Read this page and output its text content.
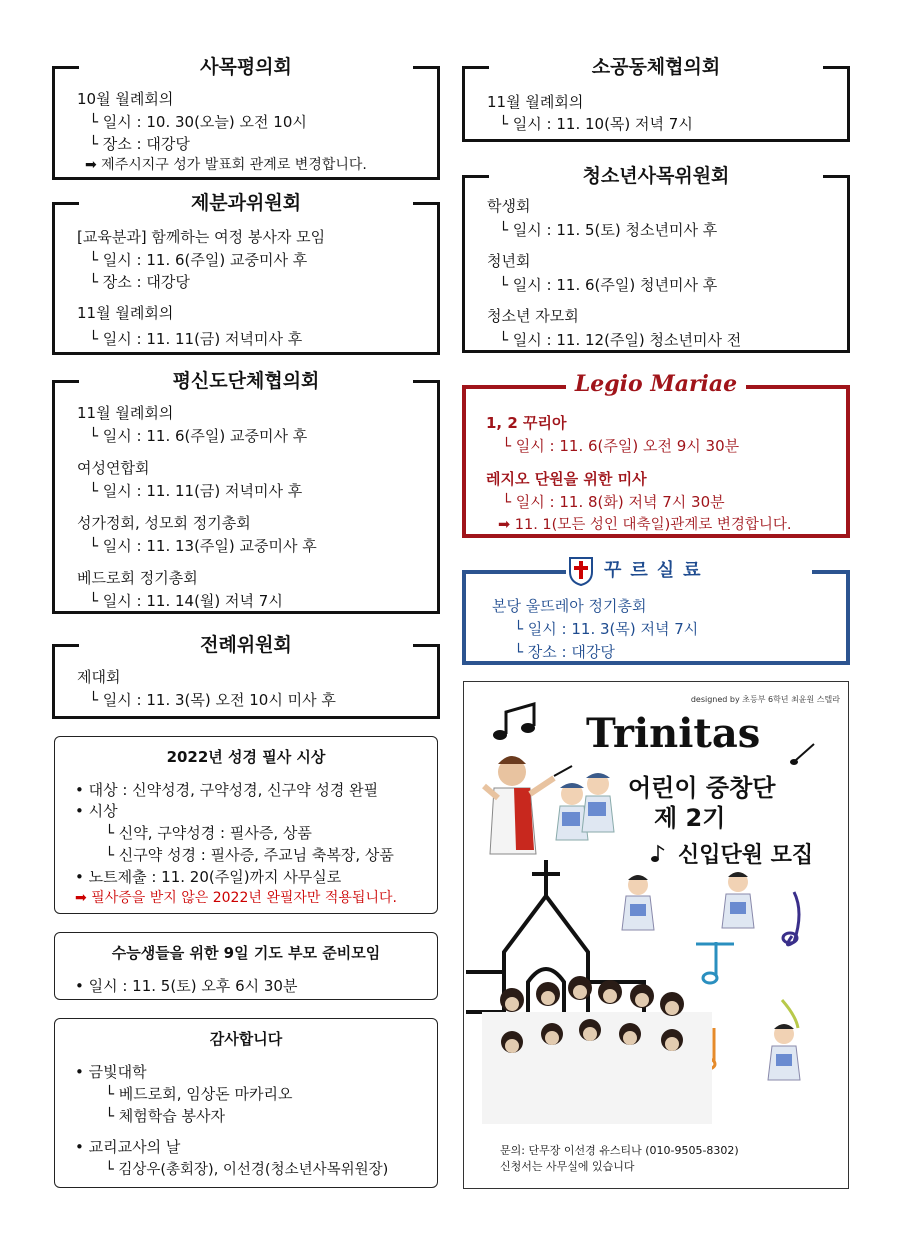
사목평의회
10월 월례회의
└ 일시 : 10. 30(오늘) 오전 10시
└ 장소 : 대강당
➡ 제주시지구 성가 발표회 관계로 변경합니다.
제분과위원회
[교육분과] 함께하는 여정 봉사자 모임
└ 일시 : 11. 6(주일) 교중미사 후
└ 장소 : 대강당
11월 월례회의
└ 일시 : 11. 11(금) 저녁미사 후
평신도단체협의회
11월 월례회의
└ 일시 : 11. 6(주일) 교중미사 후
여성연합회
└ 일시 : 11. 11(금) 저녁미사 후
성가정회, 성모회 정기총회
└ 일시 : 11. 13(주일) 교중미사 후
베드로회 정기총회
└ 일시 : 11. 14(월) 저녁 7시
전례위원회
제대회
└ 일시 : 11. 3(목) 오전 10시 미사 후
2022년 성경 필사 시상
• 대상 : 신약성경, 구약성경, 신구약 성경 완필
• 시상
└ 신약, 구약성경 : 필사증, 상품
└ 신구약 성경 : 필사증, 주교님 축복장, 상품
• 노트제출 : 11. 20(주일)까지 사무실로
➡ 필사증을 받지 않은 2022년 완필자만 적용됩니다.
수능생들을 위한 9일 기도 부모 준비모임
• 일시 : 11. 5(토) 오후 6시 30분
감사합니다
• 금빛대학
└ 베드로회, 임상돈 마카리오
└ 체험학습 봉사자
• 교리교사의 날
└ 김상우(총회장), 이선경(청소년사목위원장)
소공동체협의회
11월 월례회의
└ 일시 : 11. 10(목) 저녁 7시
청소년사목위원회
학생회
└ 일시 : 11. 5(토) 청소년미사 후
청년회
└ 일시 : 11. 6(주일) 청년미사 후
청소년 자모회
└ 일시 : 11. 12(주일) 청소년미사 전
Legio Mariae
1, 2 꾸리아
└ 일시 : 11. 6(주일) 오전 9시 30분
레지오 단원을 위한 미사
└ 일시 : 11. 8(화) 저녁 7시 30분
➡ 11. 1(모든 성인 대축일)관계로 변경합니다.
꾸르실료
본당 울뜨레아 정기총회
└ 일시 : 11. 3(목) 저녁 7시
└ 장소 : 대강당
designed by 초등부 6학년 최윤원 스텔라
Trinitas
어린이 중창단
제 2기
신입단원 모집
문의: 단무장 이선경 유스티나 (010-9505-8302)
신청서는 사무실에 있습니다
